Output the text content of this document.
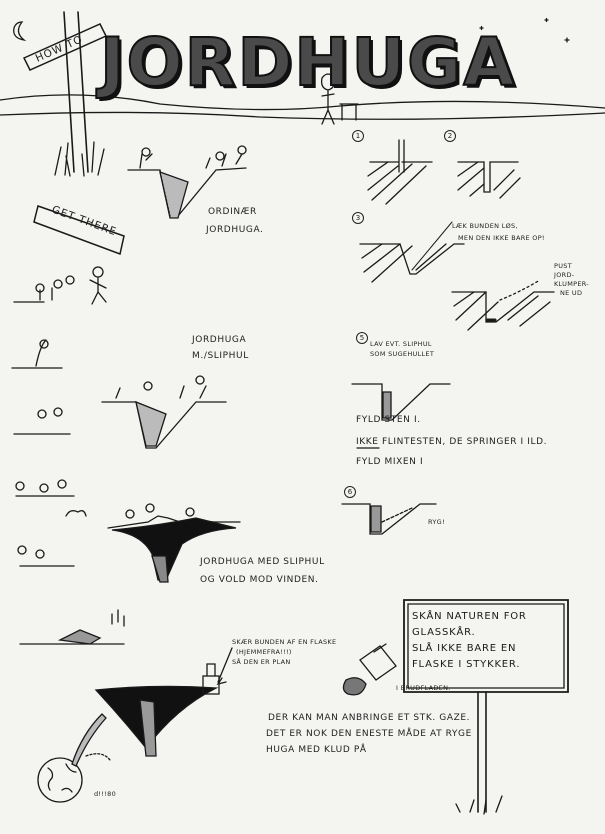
JORDHUGA
HOW TO
GET THERE
1	2
3
5
6
LÆK BUNDEN LØS,
MEN DEN IKKE BARE OP!
PUST
JORD-
KLUMPER-
NE UD
LAV EVT. SLIPHUL
SOM SUGEHULLET
FYLD STEN I.
IKKE FLINTESTEN, DE SPRINGER I ILD.
FYLD MIXEN I
RYG!
ORDINÆR
JORDHUGA.
JORDHUGA
M./SLIPHUL
JORDHUGA MED SLIPHUL
OG VOLD MOD VINDEN.
SKÆR BUNDEN AF EN FLASKE
(HJEMMEFRA!!!)
SÅ DEN ER PLAN
DER KAN MAN ANBRINGE ET STK. GAZE.
DET ER NOK DEN ENESTE MÅDE AT RYGE
HUGA MED KLUD PÅ
SKÅN NATUREN FOR
GLASSKÅR.
SLÅ IKKE BARE EN
FLASKE I STYKKER.
I BRUDFLADEN.
d!!!80
